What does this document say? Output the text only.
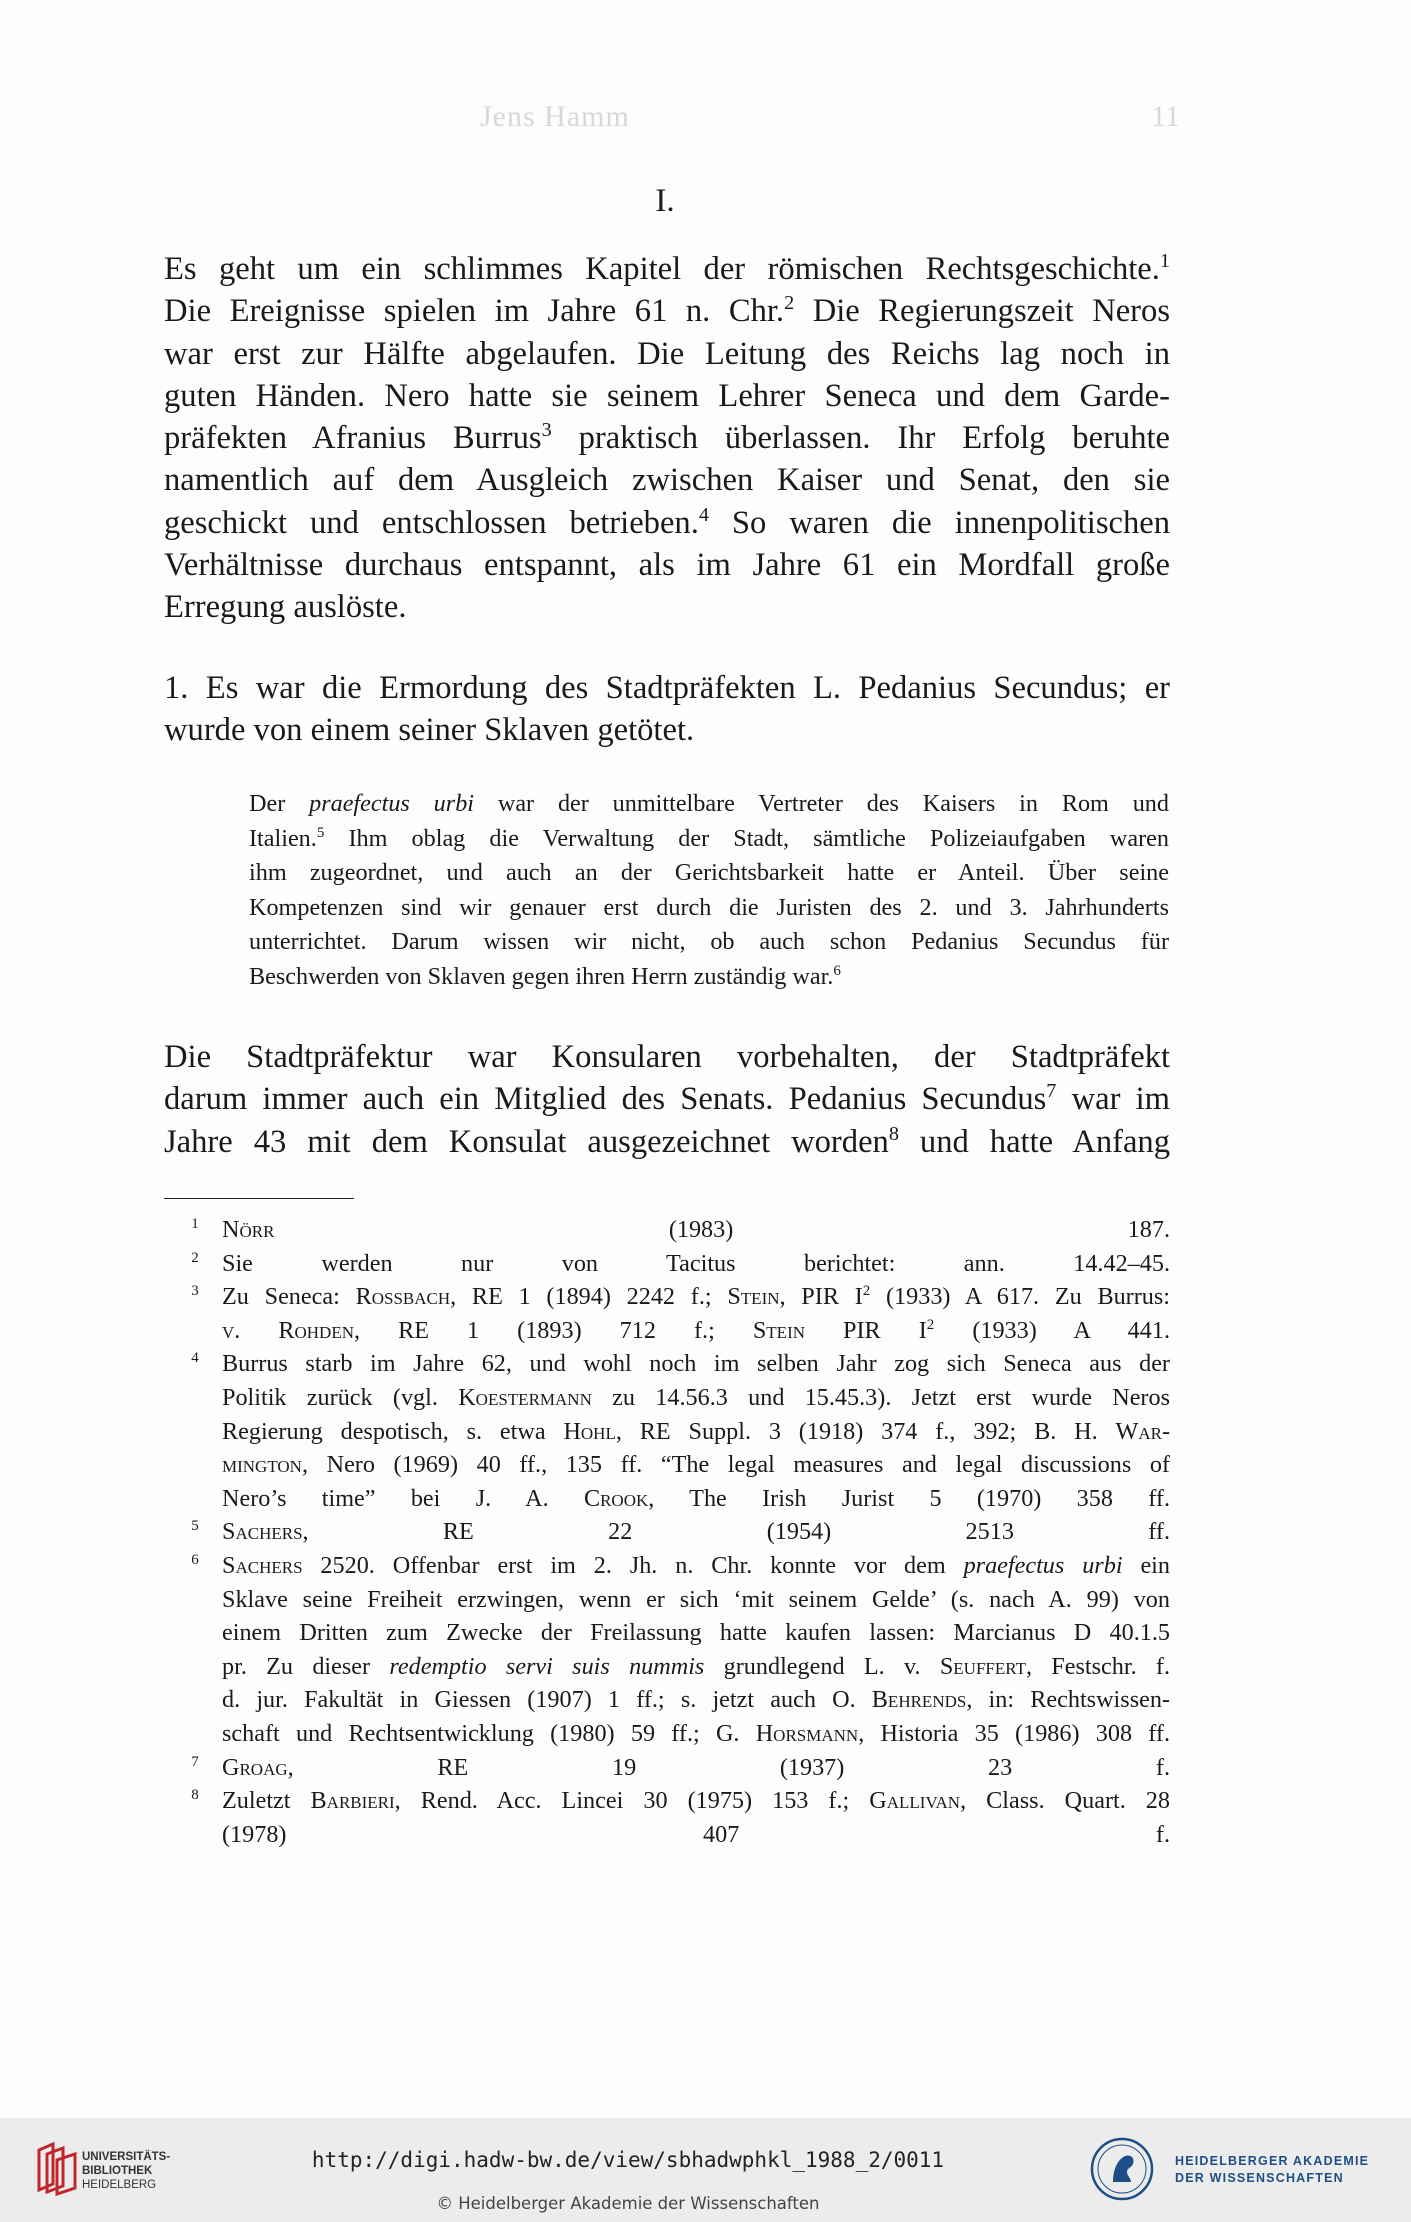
Jens Hamm	11
I.
Es geht um ein schlimmes Kapitel der römischen Rechtsgeschichte.$^1$
Die Ereignisse spielen im Jahre 61 n. Chr.$^2$ Die Regierungszeit Neros
war erst zur Hälfte abgelaufen. Die Leitung des Reichs lag noch in
guten Händen. Nero hatte sie seinem Lehrer Seneca und dem Garde-
präfekten Afranius Burrus$^3$ praktisch überlassen. Ihr Erfolg beruhte
namentlich auf dem Ausgleich zwischen Kaiser und Senat, den sie
geschickt und entschlossen betrieben.$^4$ So waren die innenpolitischen
Verhältnisse durchaus entspannt, als im Jahre 61 ein Mordfall große
Erregung auslöste.
1. Es war die Ermordung des Stadtpräfekten L. Pedanius Secundus; er
wurde von einem seiner Sklaven getötet.
Der praefectus urbi war der unmittelbare Vertreter des Kaisers in Rom und
Italien.$^5$ Ihm oblag die Verwaltung der Stadt, sämtliche Polizeiaufgaben waren
ihm zugeordnet, und auch an der Gerichtsbarkeit hatte er Anteil. Über seine
Kompetenzen sind wir genauer erst durch die Juristen des 2. und 3. Jahrhunderts
unterrichtet. Darum wissen wir nicht, ob auch schon Pedanius Secundus für
Beschwerden von Sklaven gegen ihren Herrn zuständig war.$^6$
Die Stadtpräfektur war Konsularen vorbehalten, der Stadtpräfekt
darum immer auch ein Mitglied des Senats. Pedanius Secundus$^7$ war im
Jahre 43 mit dem Konsulat ausgezeichnet worden$^8$ und hatte Anfang
1 Nörr (1983) 187.
2 Sie werden nur von Tacitus berichtet: ann. 14.42–45.
3 Zu Seneca: Rossbach, RE 1 (1894) 2242 f.; Stein, PIR $I^2$ (1933) A 617. Zu Burrus:
v. Rohden, RE 1 (1893) 712 f.; Stein PIR $I^2$ (1933) A 441.
4 Burrus starb im Jahre 62, und wohl noch im selben Jahr zog sich Seneca aus der
Politik zurück (vgl. Koestermann zu 14.56.3 und 15.45.3). Jetzt erst wurde Neros
Regierung despotisch, s. etwa Hohl, RE Suppl. 3 (1918) 374 f., 392; B. H. War-
mington, Nero (1969) 40 ff., 135 ff. “The legal measures and legal discussions of
Nero’s time” bei J. A. Crook, The Irish Jurist 5 (1970) 358 ff.
5 Sachers, RE 22 (1954) 2513 ff.
6 Sachers 2520. Offenbar erst im 2. Jh. n. Chr. konnte vor dem praefectus urbi ein
Sklave seine Freiheit erzwingen, wenn er sich ‘mit seinem Gelde’ (s. nach A. 99) von
einem Dritten zum Zwecke der Freilassung hatte kaufen lassen: Marcianus D 40.1.5
pr. Zu dieser redemptio servi suis nummis grundlegend L. v. Seuffert, Festschr. f.
d. jur. Fakultät in Giessen (1907) 1 ff.; s. jetzt auch O. Behrends, in: Rechtswissen-
schaft und Rechtsentwicklung (1980) 59 ff.; G. Horsmann, Historia 35 (1986) 308 ff.
7 Groag, RE 19 (1937) 23 f.
8 Zuletzt Barbieri, Rend. Acc. Lincei 30 (1975) 153 f.; Gallivan, Class. Quart. 28
(1978) 407 f.
UNIVERSITÄTS-
BIBLIOTHEK
HEIDELBERG
http://digi.hadw-bw.de/view/sbhadwphkl_1988_2/0011
© Heidelberger Akademie der Wissenschaften
HEIDELBERGER AKADEMIE
DER WISSENSCHAFTEN
